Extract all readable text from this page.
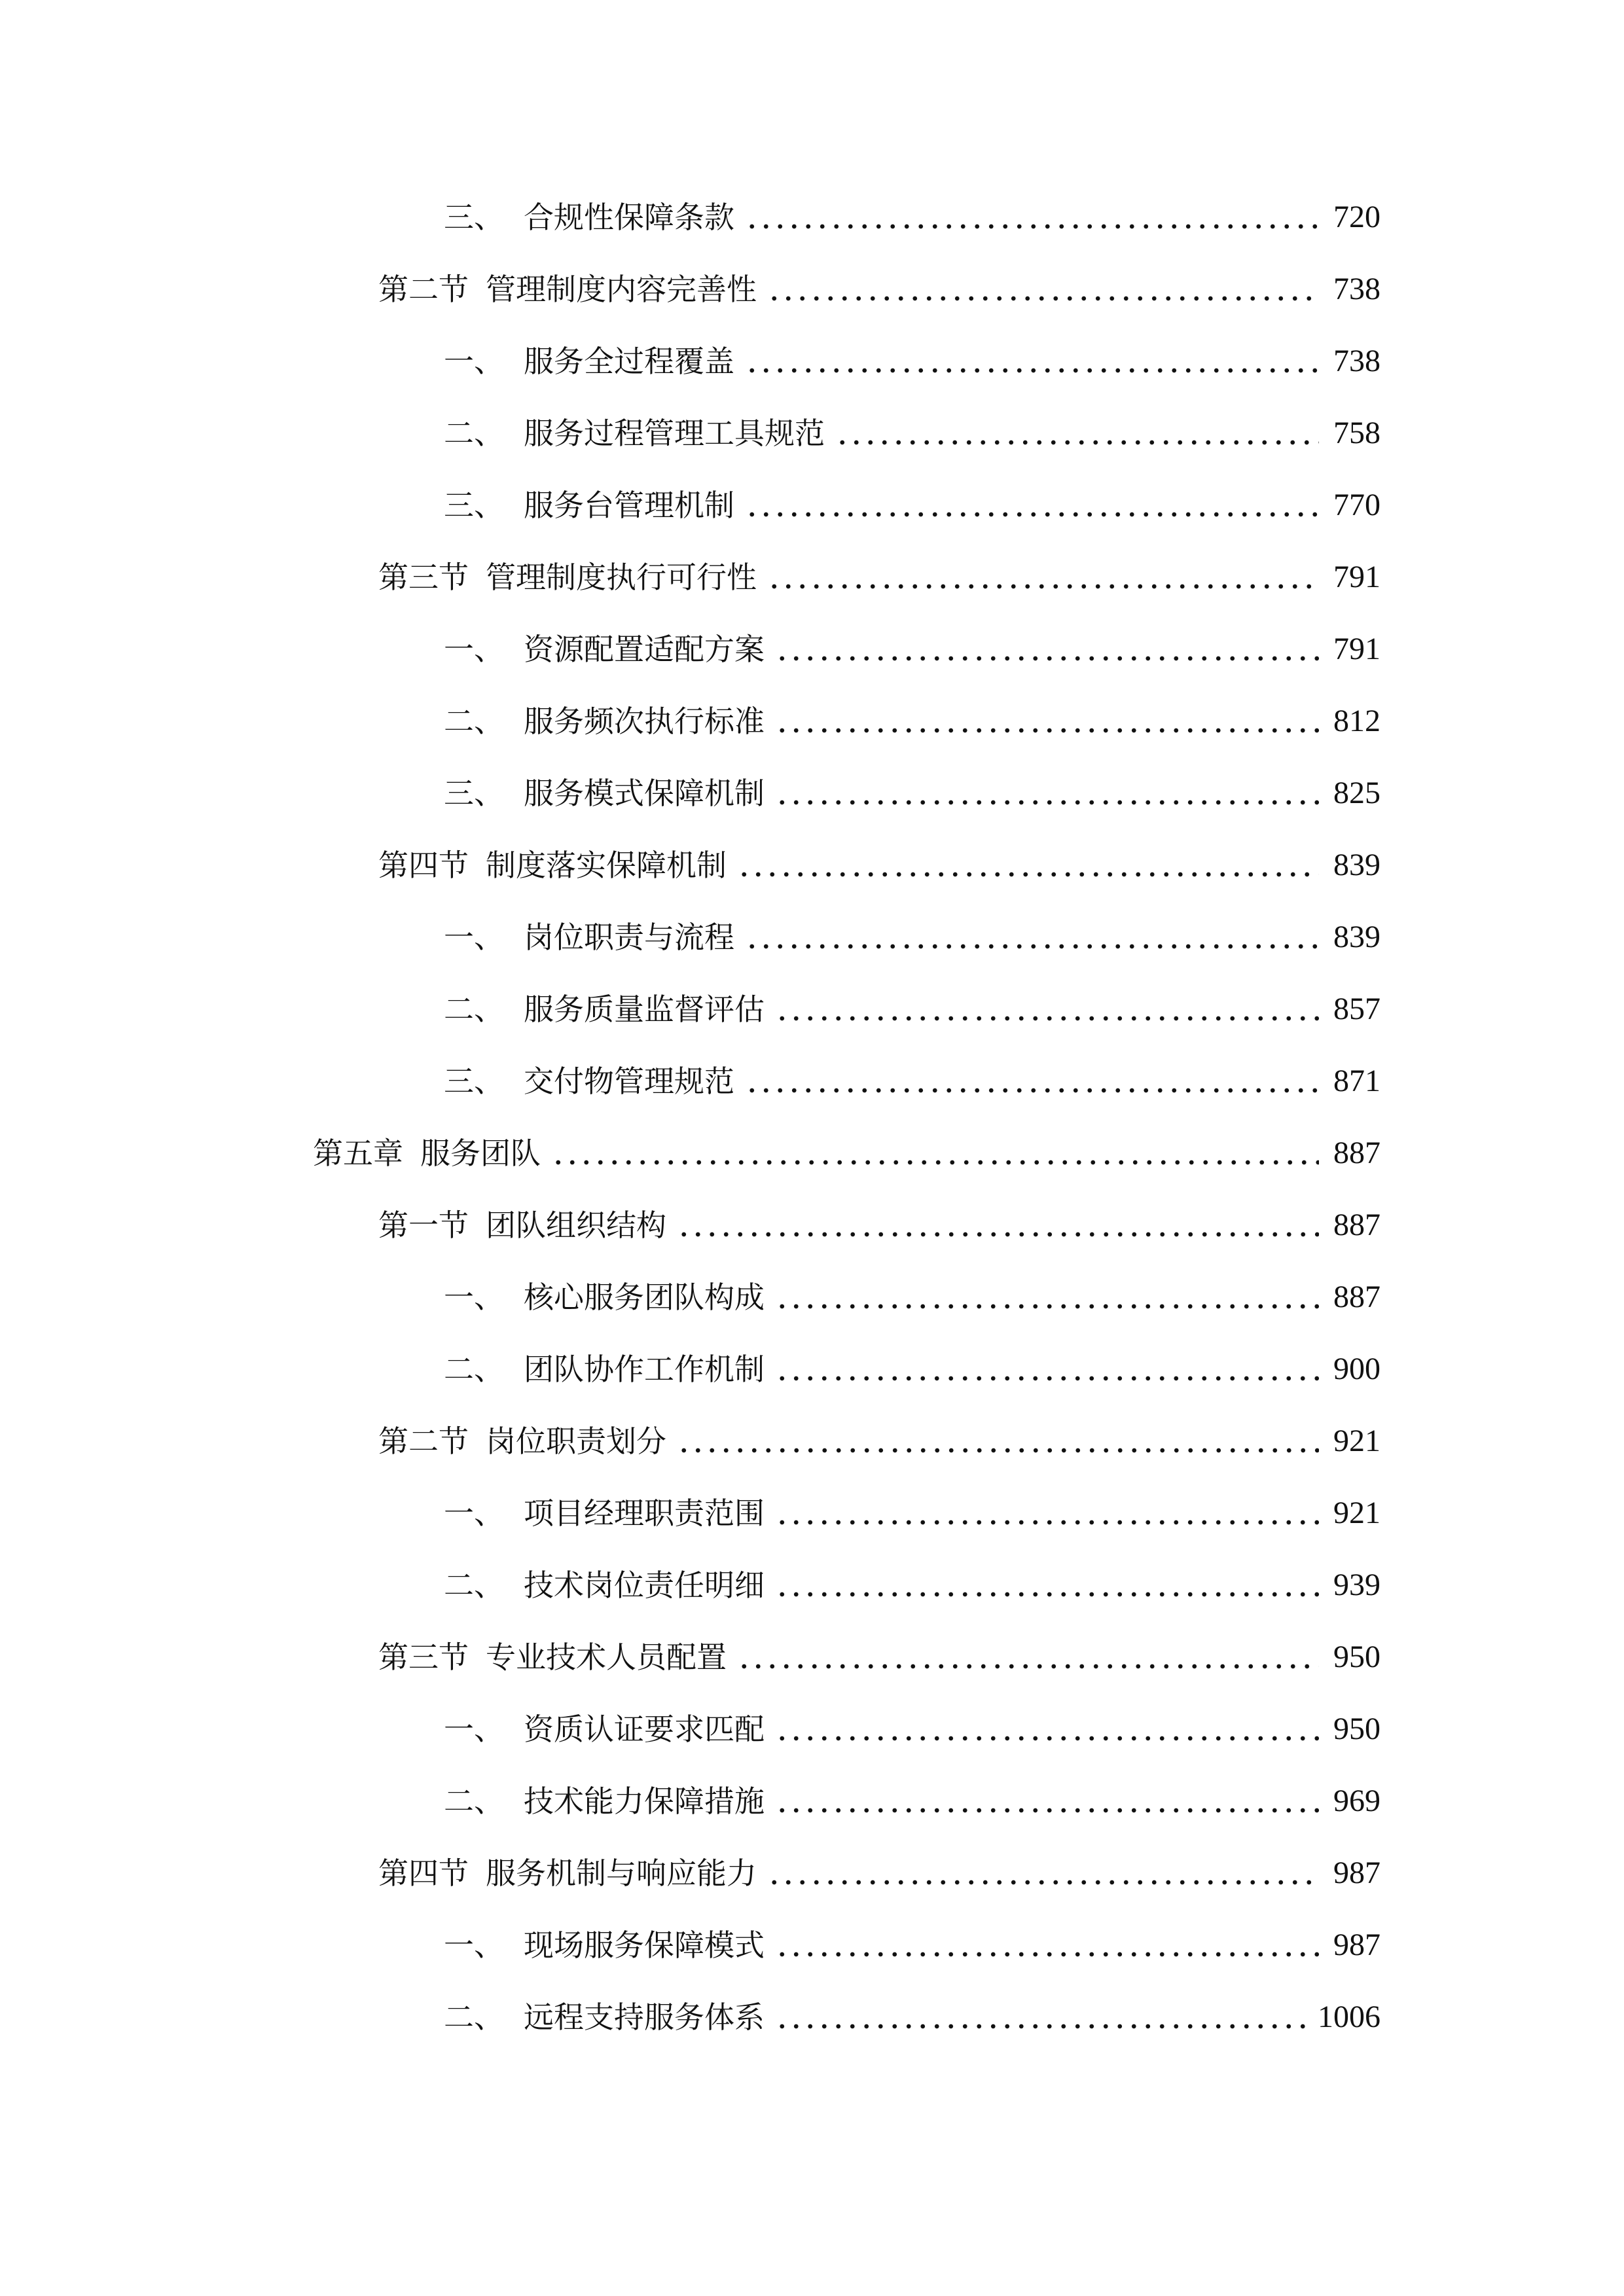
三、 合规性保障条款	720
第二节 管理制度内容完善性	738
一、 服务全过程覆盖	738
二、 服务过程管理工具规范	758
三、 服务台管理机制	770
第三节 管理制度执行可行性	791
一、 资源配置适配方案	791
二、 服务频次执行标准	812
三、 服务模式保障机制	825
第四节 制度落实保障机制	839
一、 岗位职责与流程	839
二、 服务质量监督评估	857
三、 交付物管理规范	871
第五章 服务团队	887
第一节 团队组织结构	887
一、 核心服务团队构成	887
二、 团队协作工作机制	900
第二节 岗位职责划分	921
一、 项目经理职责范围	921
二、 技术岗位责任明细	939
第三节 专业技术人员配置	950
一、 资质认证要求匹配	950
二、 技术能力保障措施	969
第四节 服务机制与响应能力	987
一、 现场服务保障模式	987
二、 远程支持服务体系	1006
